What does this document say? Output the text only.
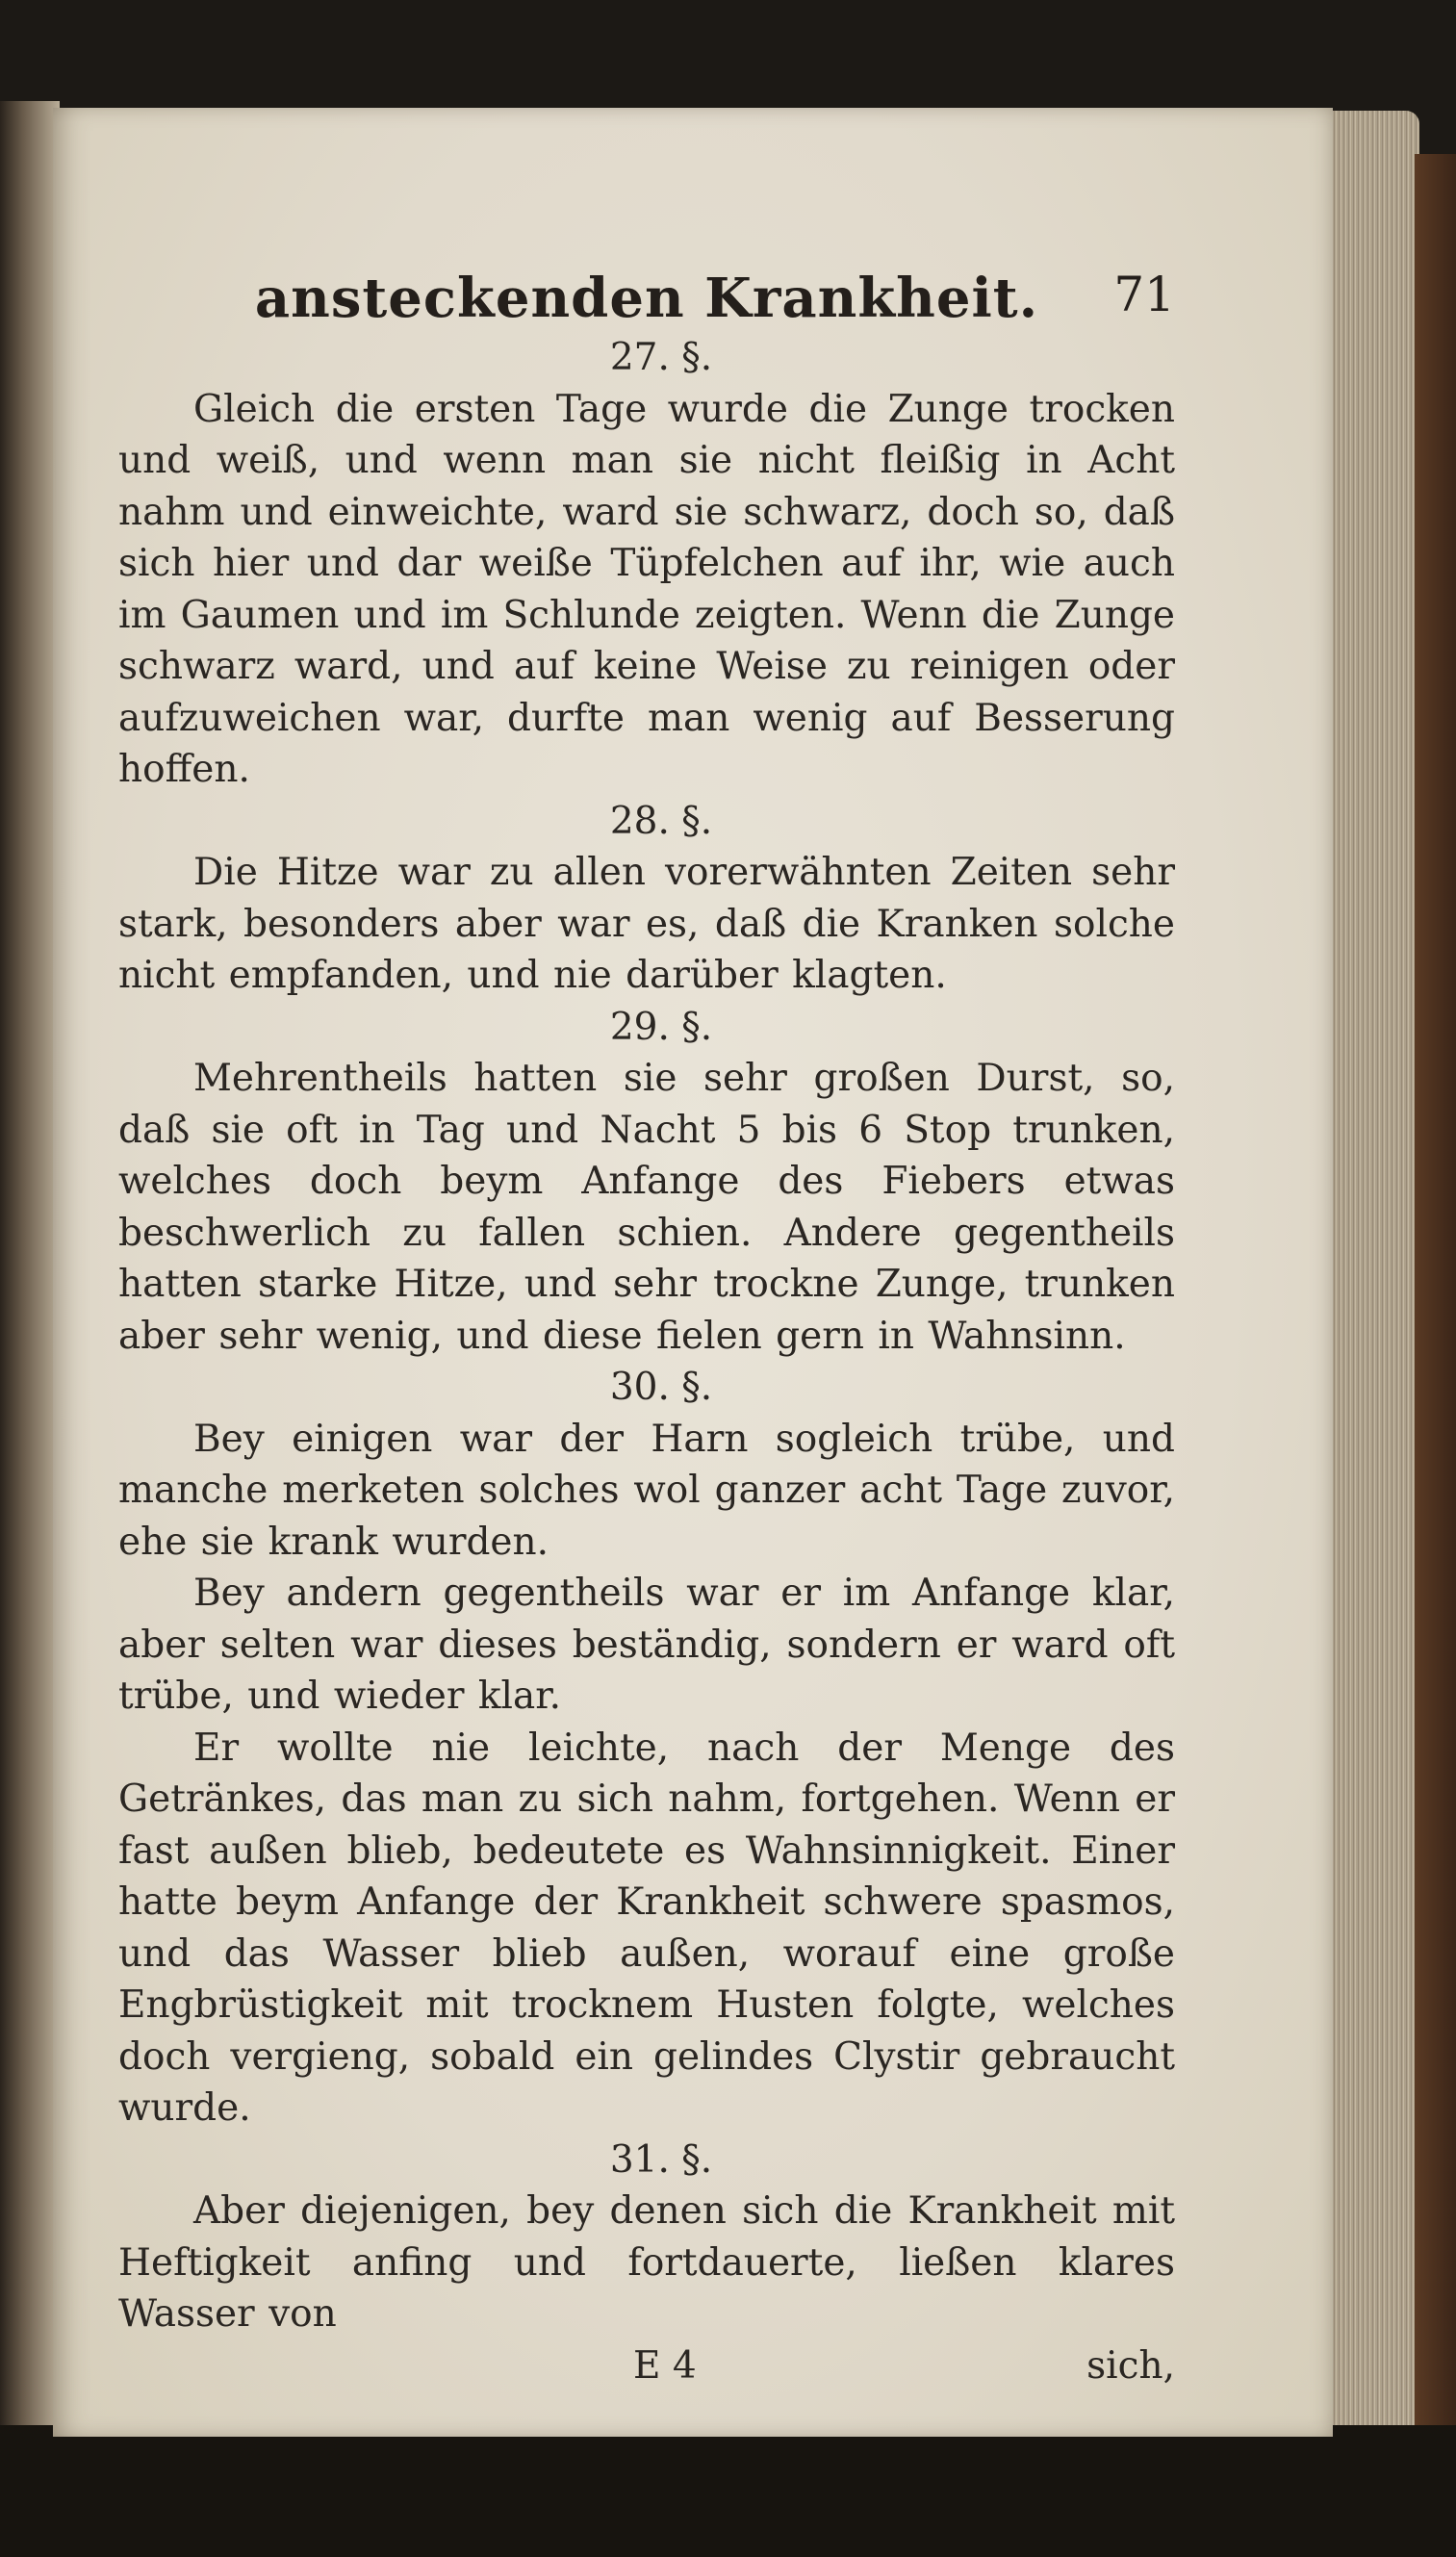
ansteckenden Krankheit. 71
27. §.

Gleich die ersten Tage wurde die Zunge trocken und weiß, und wenn man sie nicht fleißig in Acht nahm und einweichte, ward sie schwarz, doch so, daß sich hier und dar weiße Tüpfelchen auf ihr, wie auch im Gaumen und im Schlunde zeigten. Wenn die Zunge schwarz ward, und auf keine Weise zu reinigen oder aufzuweichen war, durfte man wenig auf Besserung hoffen.

28. §.

Die Hitze war zu allen vorerwähnten Zeiten sehr stark, besonders aber war es, daß die Kranken solche nicht empfanden, und nie darüber klagten.

29. §.

Mehrentheils hatten sie sehr großen Durst, so, daß sie oft in Tag und Nacht 5 bis 6 Stop trunken, welches doch beym Anfange des Fiebers etwas beschwerlich zu fallen schien. Andere gegentheils hatten starke Hitze, und sehr trockne Zunge, trunken aber sehr wenig, und diese fielen gern in Wahnsinn.

30. §.

Bey einigen war der Harn sogleich trübe, und manche merketen solches wol ganzer acht Tage zuvor, ehe sie krank wurden.

Bey andern gegentheils war er im Anfange klar, aber selten war dieses beständig, sondern er ward oft trübe, und wieder klar.

Er wollte nie leichte, nach der Menge des Getränkes, das man zu sich nahm, fortgehen. Wenn er fast außen blieb, bedeutete es Wahnsinnigkeit. Einer hatte beym Anfange der Krankheit schwere spasmos, und das Wasser blieb außen, worauf eine große Engbrüstigkeit mit trocknem Husten folgte, welches doch vergieng, sobald ein gelindes Clystir gebraucht wurde.

31. §.

Aber diejenigen, bey denen sich die Krankheit mit Heftigkeit anfing und fortdauerte, ließen klares Wasser von

E 4	sich,
